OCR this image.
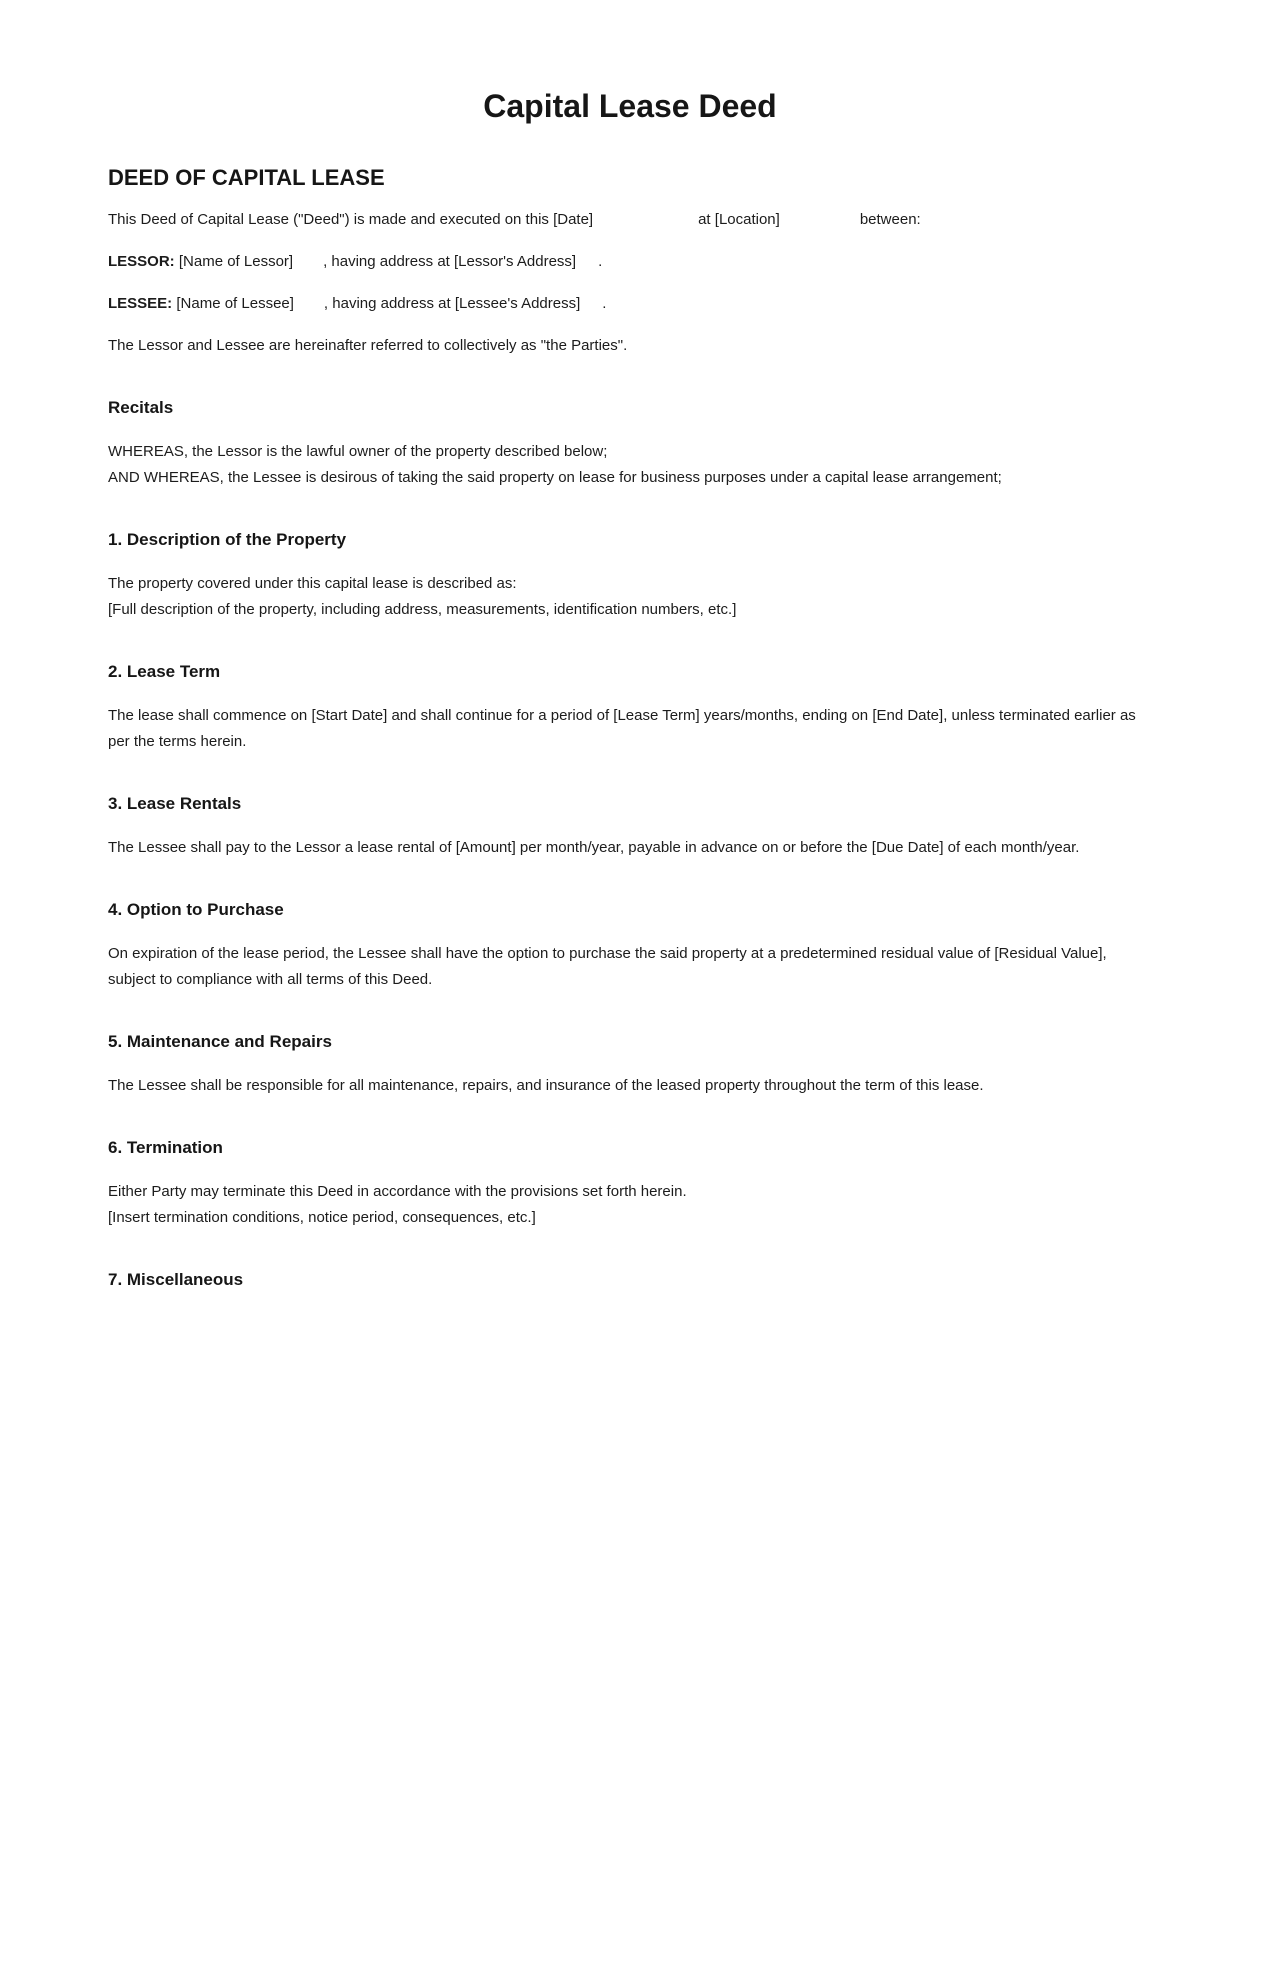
Capital Lease Deed
DEED OF CAPITAL LEASE

This Deed of Capital Lease ("Deed") is made and executed on this [Date]	at [Location]	between:

LESSOR: [Name of Lessor] , having address at [Lessor's Address] .

LESSEE: [Name of Lessee] , having address at [Lessee's Address] .

The Lessor and Lessee are hereinafter referred to collectively as "the Parties".

Recitals

WHEREAS, the Lessor is the lawful owner of the property described below;
AND WHEREAS, the Lessee is desirous of taking the said property on lease for business purposes under a capital lease arrangement;

1. Description of the Property

The property covered under this capital lease is described as:
[Full description of the property, including address, measurements, identification numbers, etc.]

2. Lease Term

The lease shall commence on [Start Date] and shall continue for a period of [Lease Term] years/months, ending on [End Date], unless terminated earlier as per the terms herein.

3. Lease Rentals

The Lessee shall pay to the Lessor a lease rental of [Amount] per month/year, payable in advance on or before the [Due Date] of each month/year.

4. Option to Purchase

On expiration of the lease period, the Lessee shall have the option to purchase the said property at a predetermined residual value of [Residual Value], subject to compliance with all terms of this Deed.

5. Maintenance and Repairs

The Lessee shall be responsible for all maintenance, repairs, and insurance of the leased property throughout the term of this lease.

6. Termination

Either Party may terminate this Deed in accordance with the provisions set forth herein.
[Insert termination conditions, notice period, consequences, etc.]

7. Miscellaneous
